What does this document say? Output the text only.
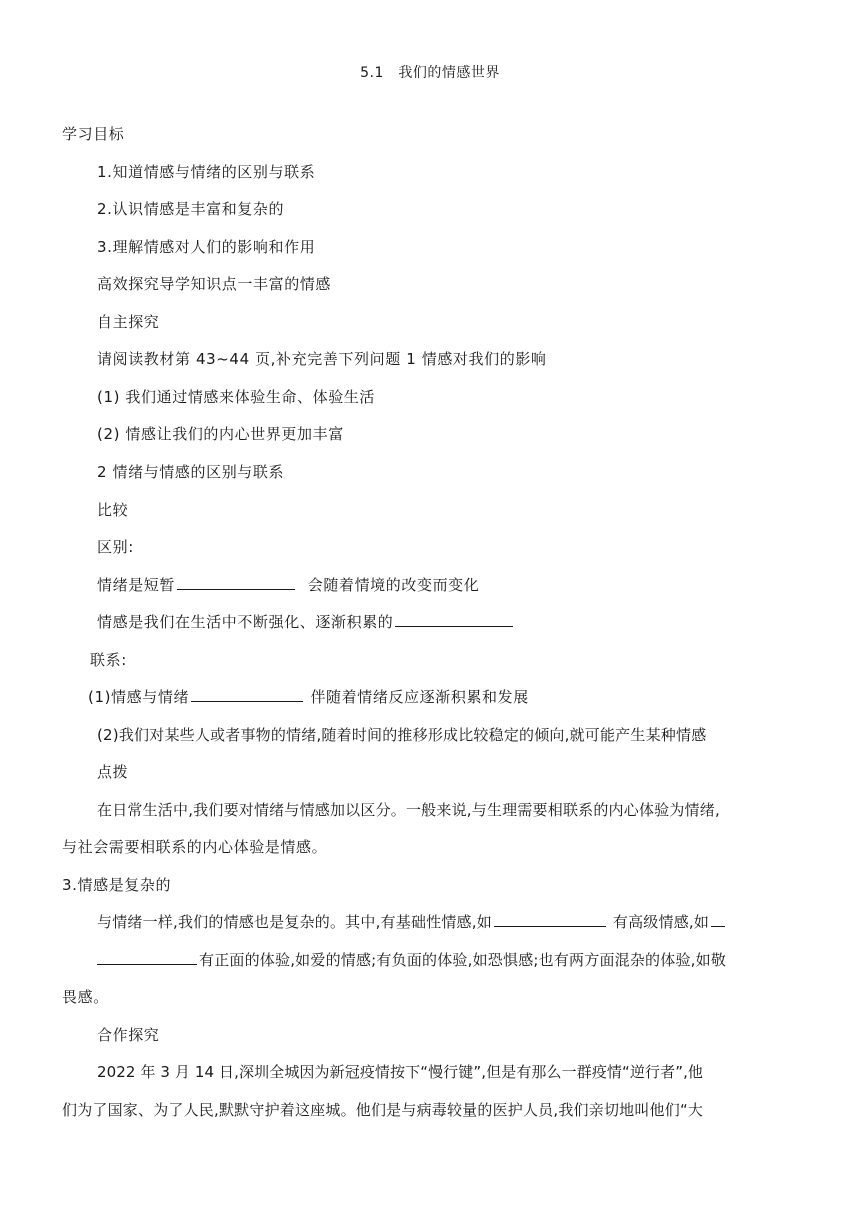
5.1　我们的情感世界
学习目标
1.知道情感与情绪的区别与联系
2.认识情感是丰富和复杂的
3.理解情感对人们的影响和作用
高效探究导学知识点一丰富的情感
自主探究
请阅读教材第 43~44 页,补充完善下列问题 1 情感对我们的影响
(1) 我们通过情感来体验生命、体验生活
(2) 情感让我们的内心世界更加丰富
2 情绪与情感的区别与联系
比较
区别:
情绪是短暂	会随着情境的改变而变化
情感是我们在生活中不断强化、逐渐积累的
联系:
(1)情感与情绪	伴随着情绪反应逐渐积累和发展
(2)我们对某些人或者事物的情绪,随着时间的推移形成比较稳定的倾向,就可能产生某种情感
点拨
在日常生活中,我们要对情绪与情感加以区分。一般来说,与生理需要相联系的内心体验为情绪,
与社会需要相联系的内心体验是情感。
3.情感是复杂的
与情绪一样,我们的情感也是复杂的。其中,有基础性情感,如	有高级情感,如
有正面的体验,如爱的情感;有负面的体验,如恐惧感;也有两方面混杂的体验,如敬
畏感。
合作探究
2022 年 3 月 14 日,深圳全城因为新冠疫情按下“慢行键”,但是有那么一群疫情“逆行者”,他
们为了国家、为了人民,默默守护着这座城。他们是与病毒较量的医护人员,我们亲切地叫他们“大
